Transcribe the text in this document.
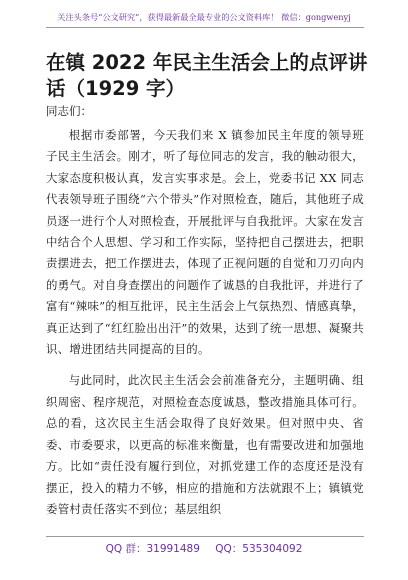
关注头条号“公文研究”，获得最新最全最专业的公文资料库！ 微信：gongwenyj
在镇 2022 年民主生活会上的点评讲话（1929 字）
同志们：

根据市委部署，今天我们来 X 镇参加民主年度的领导班子民主生活会。刚才，听了每位同志的发言，我的触动很大，大家态度积极认真，发言实事求是。会上，党委书记 XX 同志代表领导班子围绕“六个带头”作对照检查，随后，其他班子成员逐一进行个人对照检查，开展批评与自我批评。大家在发言中结合个人思想、学习和工作实际，坚持把自己摆进去，把职责摆进去，把工作摆进去，体现了正视问题的自觉和刀刃向内的勇气。对自身查摆出的问题作了诚恳的自我批评，并进行了富有“辣味”的相互批评，民主生活会上气氛热烈、情感真挚，真正达到了“红红脸出出汗”的效果，达到了统一思想、凝聚共识、增进团结共同提高的目的。

与此同时，此次民主生活会会前准备充分，主题明确、组织周密、程序规范，对照检查态度诚恳，整改措施具体可行。总的看，这次民主生活会取得了良好效果。但对照中央、省委、市委要求，以更高的标准来衡量，也有需要改进和加强地方。比如“责任没有履行到位，对抓党建工作的态度还是没有摆正，投入的精力不够，相应的措施和方法就跟不上；镇镇党委管村责任落实不到位；基层组织

QQ 群：31991489 QQ：535304092
